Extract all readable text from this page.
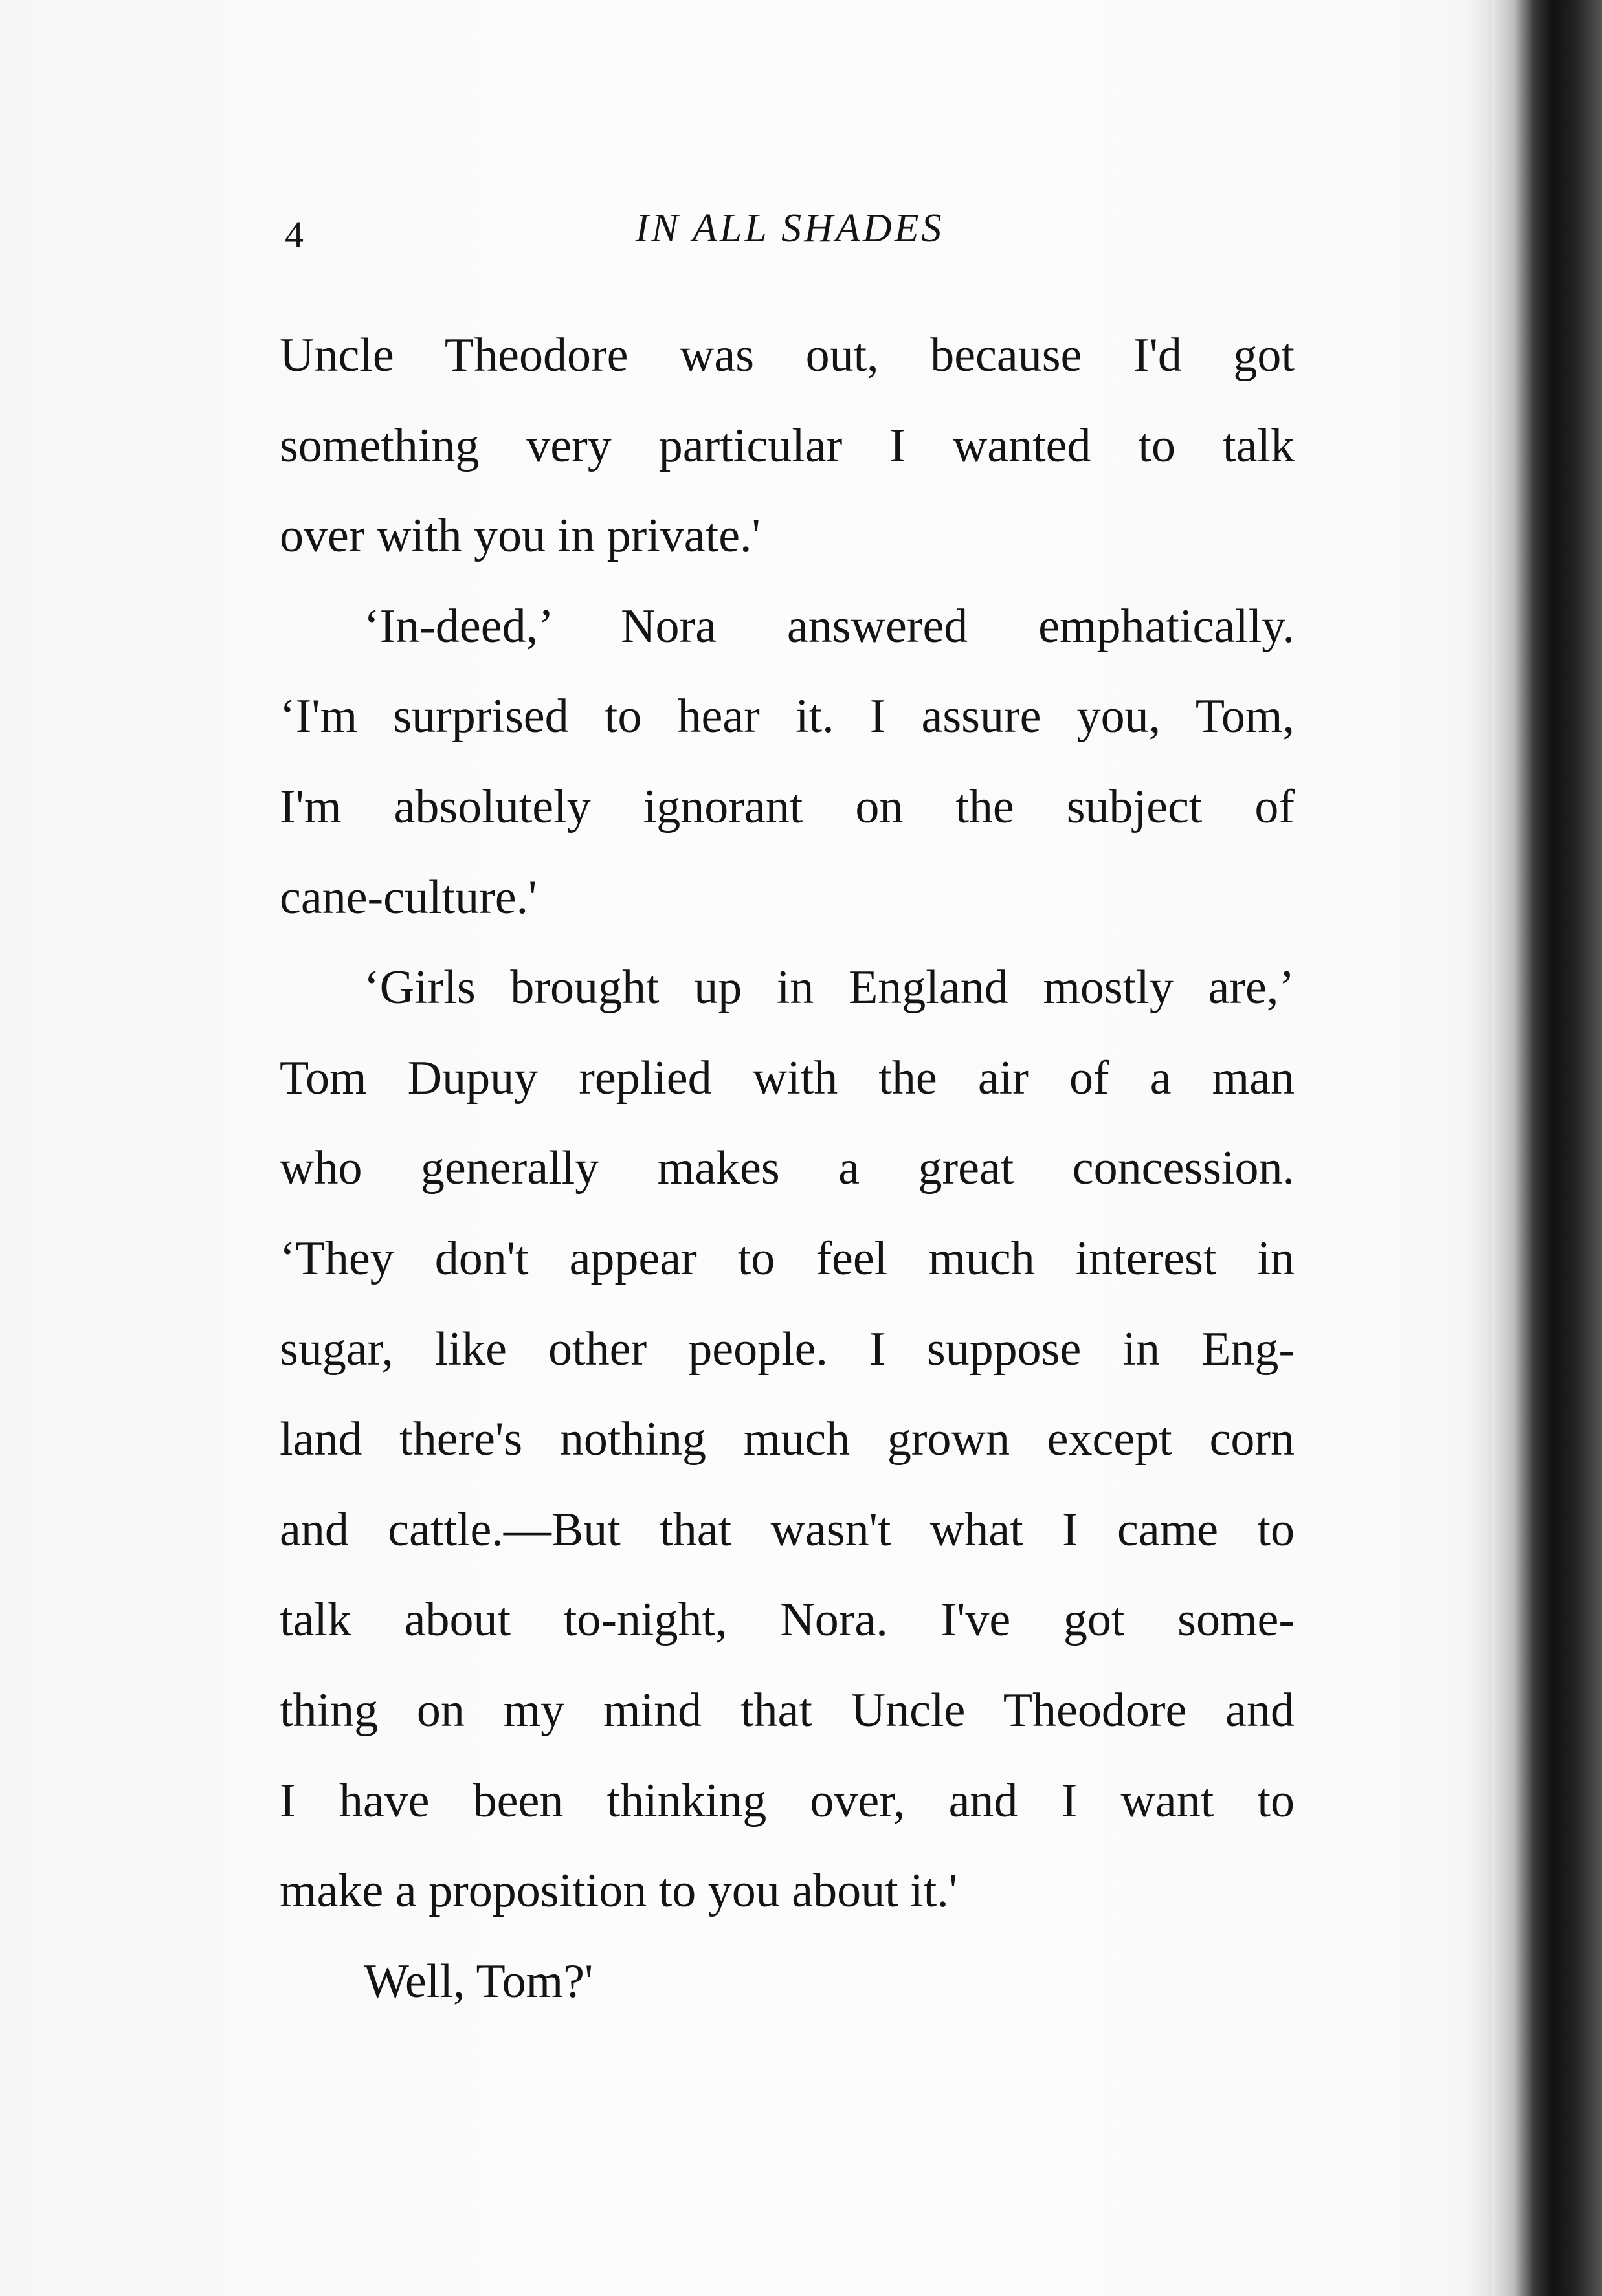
4	IN ALL SHADES
Uncle Theodore was out, because I'd got
something very particular I wanted to talk
over with you in private.'
‘In-deed,’ Nora answered emphatically.
‘I'm surprised to hear it. I assure you, Tom,
I'm absolutely ignorant on the subject of
cane-culture.'
‘Girls brought up in England mostly are,’
Tom Dupuy replied with the air of a man
who generally makes a great concession.
‘They don't appear to feel much interest in
sugar, like other people. I suppose in Eng-
land there's nothing much grown except corn
and cattle.—But that wasn't what I came to
talk about to-night, Nora. I've got some-
thing on my mind that Uncle Theodore and
I have been thinking over, and I want to
make a proposition to you about it.'
Well, Tom?'
